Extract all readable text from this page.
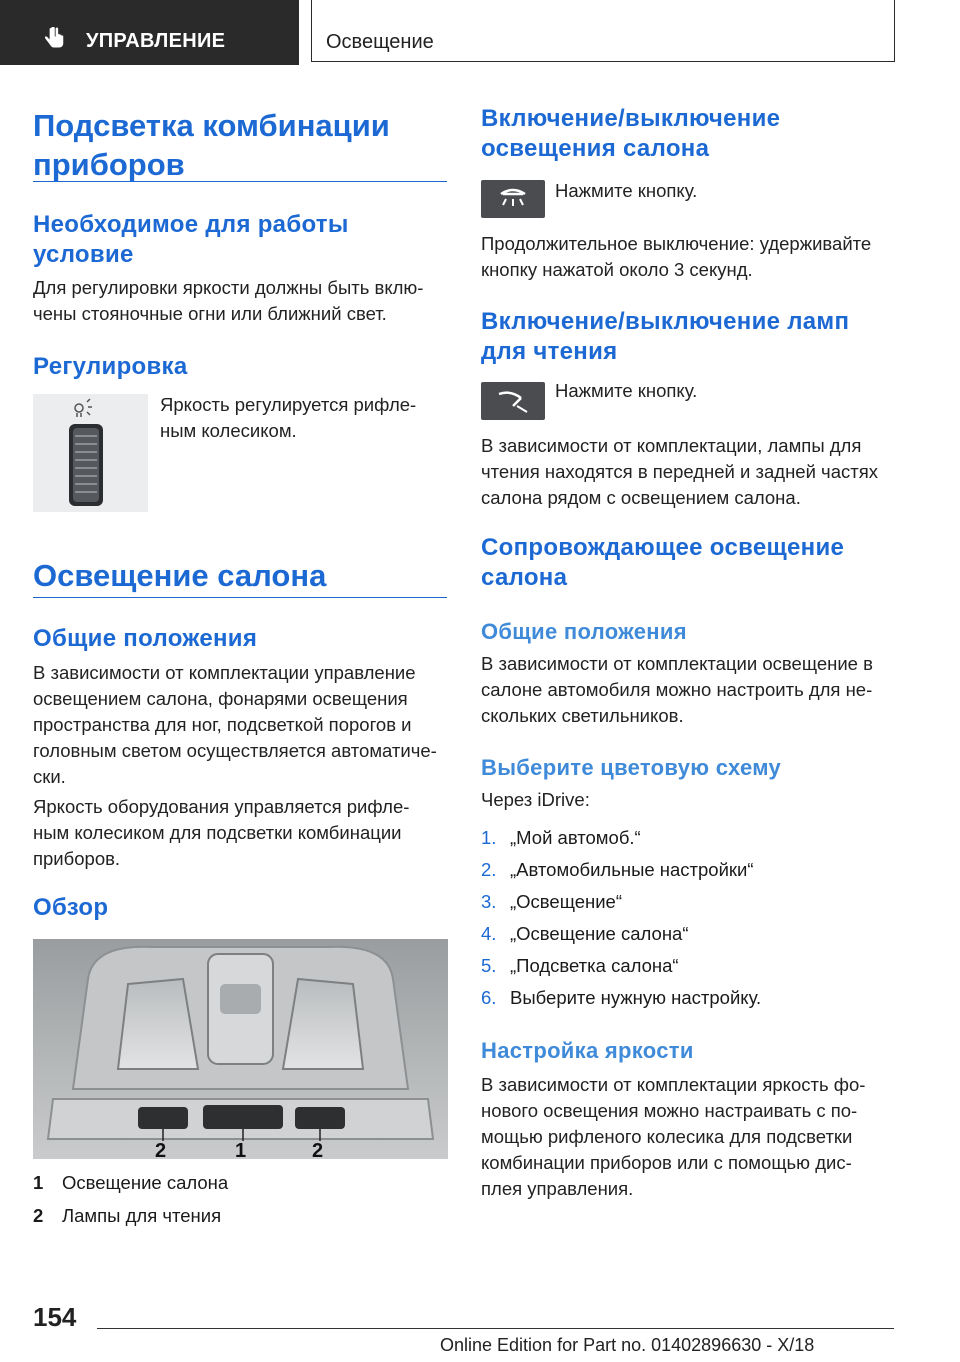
УПРАВЛЕНИЕ	Освещение
Подсветка комбинации
приборов
Необходимое для работы
условие
Для регулировки яркости должны быть вклю-
чены стояночные огни или ближний свет.
Регулировка
Яркость регулируется рифле-
ным колесиком.
Освещение салона
Общие положения
В зависимости от комплектации управление
освещением салона, фонарями освещения
пространства для ног, подсветкой порогов и
головным светом осуществляется автоматиче-
ски.
Яркость оборудования управляется рифле-
ным колесиком для подсветки комбинации
приборов.
Обзор
2	1	2
1 Освещение салона
2 Лампы для чтения
Включение/выключение
освещения салона
Нажмите кнопку.
Продолжительное выключение: удерживайте
кнопку нажатой около 3 секунд.
Включение/выключение ламп
для чтения
Нажмите кнопку.
В зависимости от комплектации, лампы для
чтения находятся в передней и задней частях
салона рядом с освещением салона.
Сопровождающее освещение
салона
Общие положения
В зависимости от комплектации освещение в
салоне автомобиля можно настроить для не-
скольких светильников.
Выберите цветовую схему
Через iDrive:
1. „Мой автомоб.“
2. „Автомобильные настройки“
3. „Освещение“
4. „Освещение салона“
5. „Подсветка салона“
6. Выберите нужную настройку.
Настройка яркости
В зависимости от комплектации яркость фо-
нового освещения можно настраивать с по-
мощью рифленого колесика для подсветки
комбинации приборов или с помощью дис-
плея управления.
154
Online Edition for Part no. 01402896630 - X/18
